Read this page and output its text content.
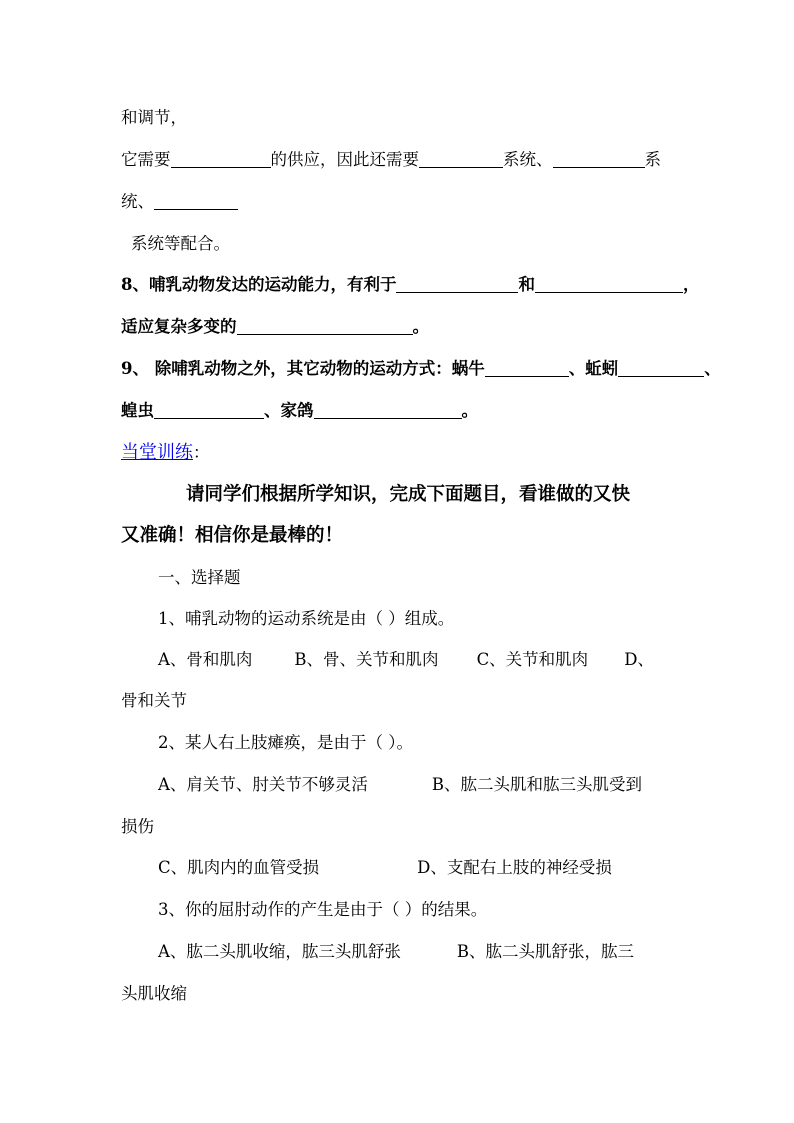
和调节，
它需要	的供应，因此还需要	系统、	系
统、
系统等配合。
8、哺乳动物发达的运动能力，有利于	和	，
适应复杂多变的	。
9、 除哺乳动物之外，其它动物的运动方式：蜗牛	、蚯蚓	、
蝗虫	、家鸽	。
当堂训练：
请同学们根据所学知识，完成下面题目，看谁做的又快
又准确！相信你是最棒的！
一、选择题
1、哺乳动物的运动系统是由（ ）组成。
A、骨和肌肉	B、骨、关节和肌肉 C、关节和肌肉 D、
骨和关节
2、某人右上肢瘫痪，是由于（ ）。
A、肩关节、肘关节不够灵活	B、肱二头肌和肱三头肌受到
损伤
C、肌肉内的血管受损	D、支配右上肢的神经受损
3、你的屈肘动作的产生是由于（ ）的结果。
A、肱二头肌收缩，肱三头肌舒张	B、肱二头肌舒张，肱三
头肌收缩
